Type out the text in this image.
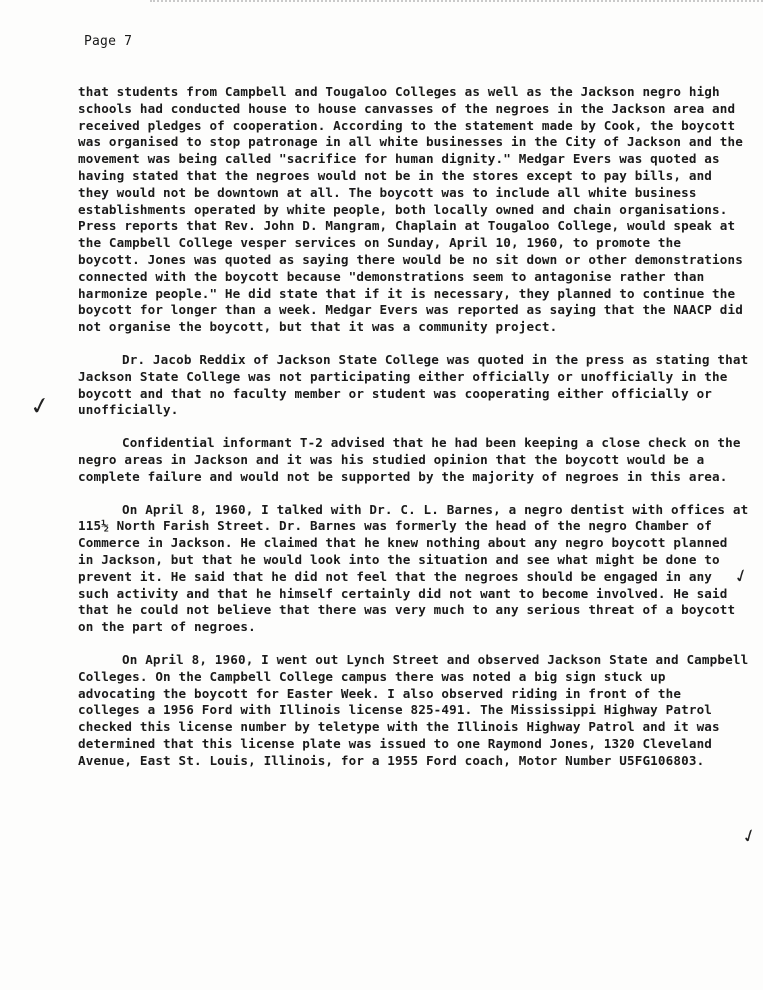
Page 7

that students from Campbell and Tougaloo Colleges as well as the Jackson negro high schools had conducted house to house canvasses of the negroes in the Jackson area and received pledges of cooperation. According to the statement made by Cook, the boycott was organised to stop patronage in all white businesses in the City of Jackson and the movement was being called "sacrifice for human dignity." Medgar Evers was quoted as having stated that the negroes would not be in the stores except to pay bills, and they would not be downtown at all. The boycott was to include all white business establishments operated by white people, both locally owned and chain organisations. Press reports that Rev. John D. Mangram, Chaplain at Tougaloo College, would speak at the Campbell College vesper services on Sunday, April 10, 1960, to promote the boycott. Jones was quoted as saying there would be no sit down or other demonstrations connected with the boycott because "demonstrations seem to antagonise rather than harmonize people." He did state that if it is necessary, they planned to continue the boycott for longer than a week. Medgar Evers was reported as saying that the NAACP did not organise the boycott, but that it was a community project.

Dr. Jacob Reddix of Jackson State College was quoted in the press as stating that Jackson State College was not participating either officially or unofficially in the boycott and that no faculty member or student was cooperating either officially or unofficially.

Confidential informant T-2 advised that he had been keeping a close check on the negro areas in Jackson and it was his studied opinion that the boycott would be a complete failure and would not be supported by the majority of negroes in this area.

On April 8, 1960, I talked with Dr. C. L. Barnes, a negro dentist with offices at 115½ North Farish Street. Dr. Barnes was formerly the head of the negro Chamber of Commerce in Jackson. He claimed that he knew nothing about any negro boycott planned in Jackson, but that he would look into the situation and see what might be done to prevent it. He said that he did not feel that the negroes should be engaged in any such activity and that he himself certainly did not want to become involved. He said that he could not believe that there was very much to any serious threat of a boycott on the part of negroes.

On April 8, 1960, I went out Lynch Street and observed Jackson State and Campbell Colleges. On the Campbell College campus there was noted a big sign stuck up advocating the boycott for Easter Week. I also observed riding in front of the colleges a 1956 Ford with Illinois license 825-491. The Mississippi Highway Patrol checked this license number by teletype with the Illinois Highway Patrol and it was determined that this license plate was issued to one Raymond Jones, 1320 Cleveland Avenue, East St. Louis, Illinois, for a 1955 Ford coach, Motor Number U5FG106803.

✓
✓
✓
